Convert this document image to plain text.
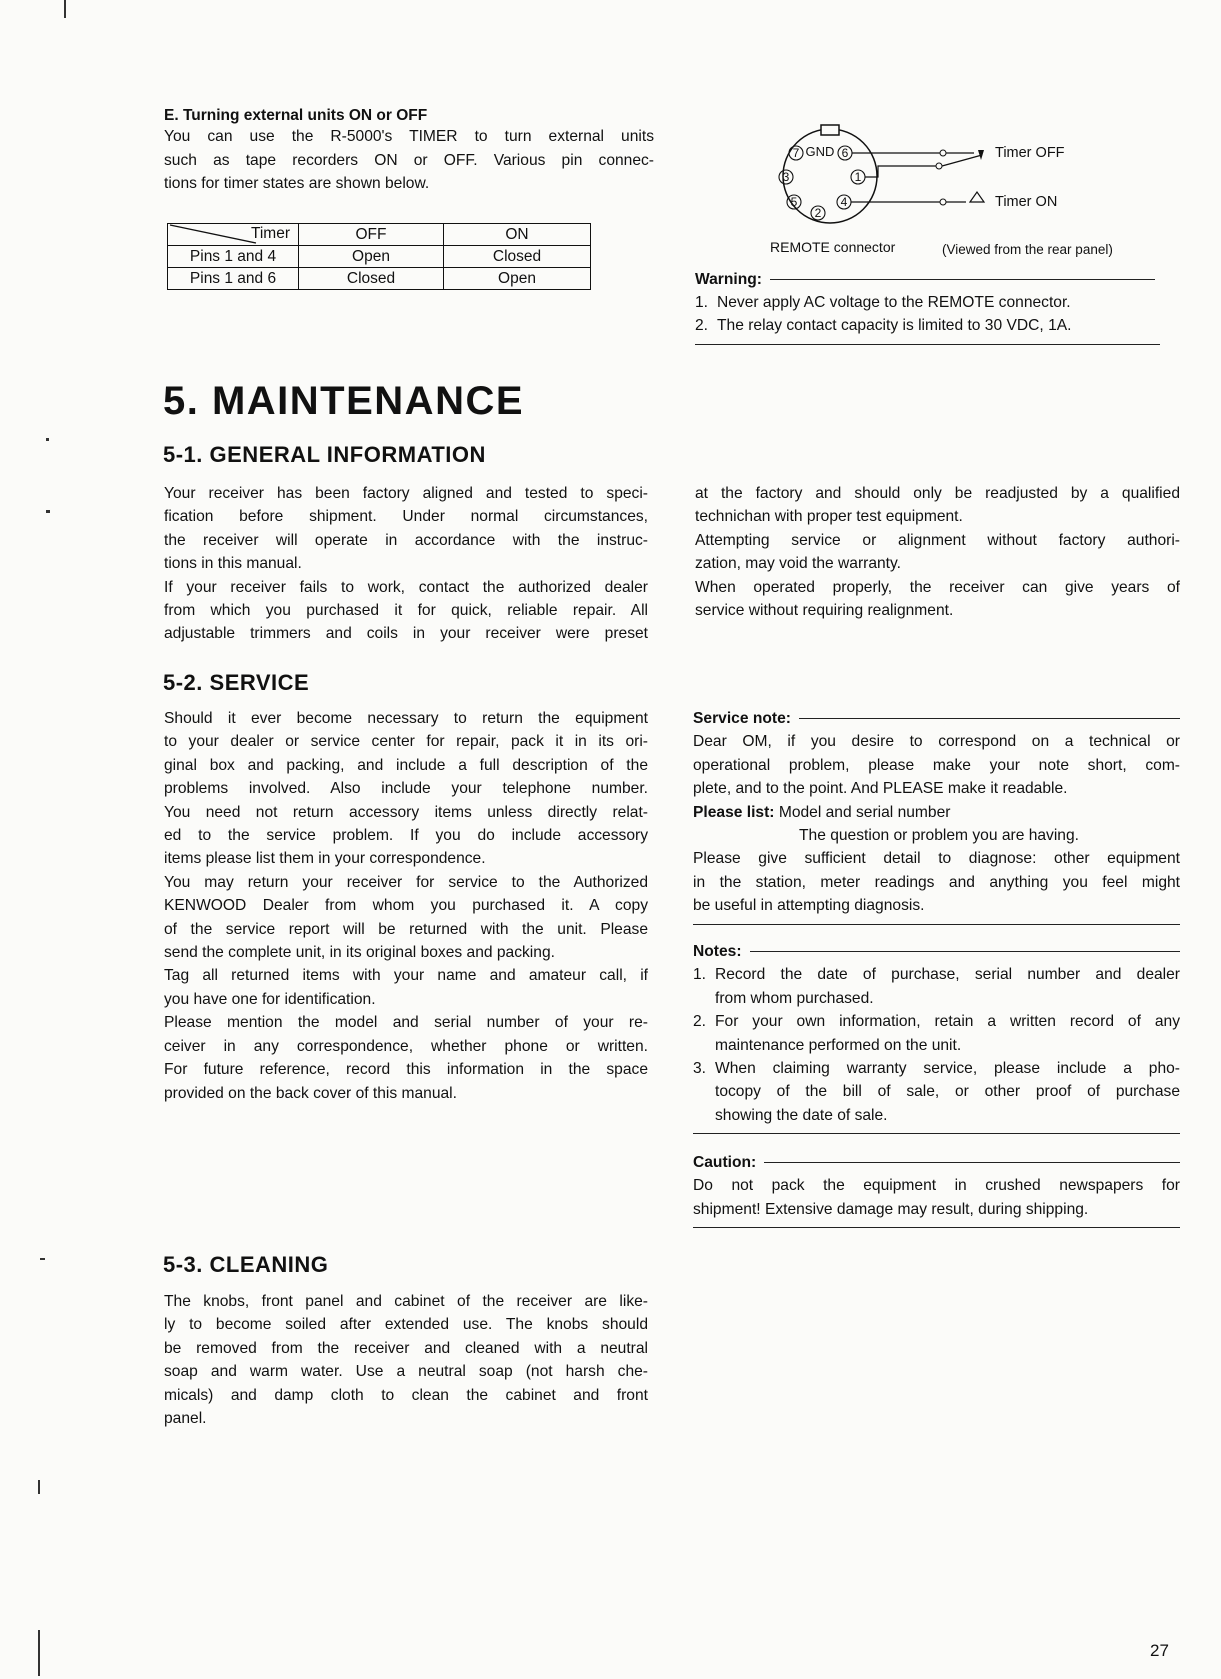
E. Turning external units ON or OFF
You can use the R-5000's TIMER to turn external units
such as tape recorders ON or OFF. Various pin connec-
tions for timer states are shown below.
Timer	OFF	ON
Pins 1 and 4	Open	Closed
Pins 1 and 6	Closed	Open
7 GND 6
3	1
5
2
4
Timer OFF
Timer ON
REMOTE connector	(Viewed from the rear panel)
Warning:
1. Never apply AC voltage to the REMOTE connector.
2. The relay contact capacity is limited to 30 VDC, 1A.
5. MAINTENANCE
5-1. GENERAL INFORMATION
Your receiver has been factory aligned and tested to speci-
fication before shipment. Under normal circumstances,
the receiver will operate in accordance with the instruc-
tions in this manual.
If your receiver fails to work, contact the authorized dealer
from which you purchased it for quick, reliable repair. All
adjustable trimmers and coils in your receiver were preset
at the factory and should only be readjusted by a qualified
technichan with proper test equipment.
Attempting service or alignment without factory authori-
zation, may void the warranty.
When operated properly, the receiver can give years of
service without requiring realignment.
5-2. SERVICE
Should it ever become necessary to return the equipment
to your dealer or service center for repair, pack it in its ori-
ginal box and packing, and include a full description of the
problems involved. Also include your telephone number.
You need not return accessory items unless directly relat-
ed to the service problem. If you do include accessory
items please list them in your correspondence.
You may return your receiver for service to the Authorized
KENWOOD Dealer from whom you purchased it. A copy
of the service report will be returned with the unit. Please
send the complete unit, in its original boxes and packing.
Tag all returned items with your name and amateur call, if
you have one for identification.
Please mention the model and serial number of your re-
ceiver in any correspondence, whether phone or written.
For future reference, record this information in the space
provided on the back cover of this manual.
Service note:
Dear OM, if you desire to correspond on a technical or
operational problem, please make your note short, com-
plete, and to the point. And PLEASE make it readable.
Please list: Model and serial number
The question or problem you are having.
Please give sufficient detail to diagnose: other equipment
in the station, meter readings and anything you feel might
be useful in attempting diagnosis.
Notes:
1. Record the date of purchase, serial number and dealer
from whom purchased.
2. For your own information, retain a written record of any
maintenance performed on the unit.
3. When claiming warranty service, please include a pho-
tocopy of the bill of sale, or other proof of purchase
showing the date of sale.
Caution:
Do not pack the equipment in crushed newspapers for
shipment! Extensive damage may result, during shipping.
5-3. CLEANING
The knobs, front panel and cabinet of the receiver are like-
ly to become soiled after extended use. The knobs should
be removed from the receiver and cleaned with a neutral
soap and warm water. Use a neutral soap (not harsh che-
micals) and damp cloth to clean the cabinet and front
panel.
27
